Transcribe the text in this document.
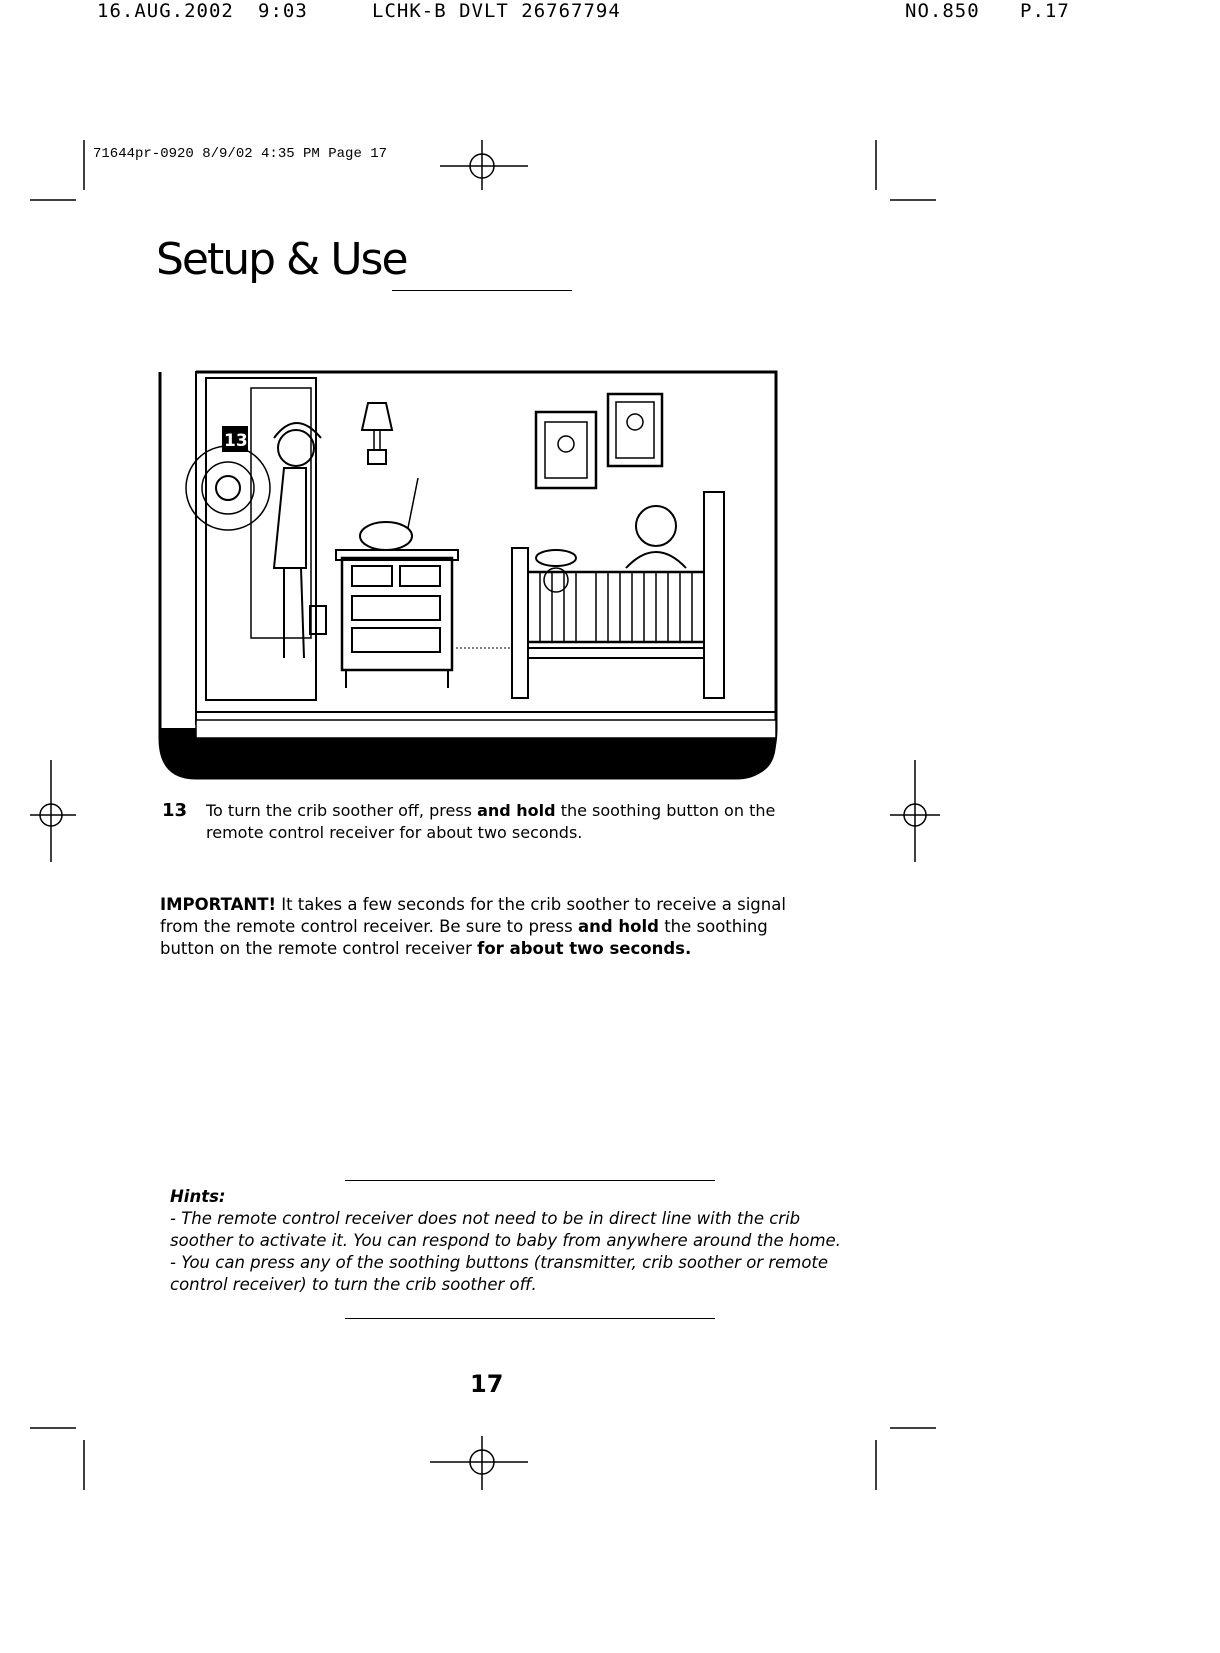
16.AUG.2002 9:03	LCHK-B DVLT 26767794	NO.850 P.17
71644pr-0920 8/9/02 4:35 PM Page 17
Setup & Use
13
13 To turn the crib soother off, press and hold the soothing button on the remote control receiver for about two seconds.
IMPORTANT! It takes a few seconds for the crib soother to receive a signal from the remote control receiver. Be sure to press and hold the soothing button on the remote control receiver for about two seconds.
Hints:
- The remote control receiver does not need to be in direct line with the crib soother to activate it. You can respond to baby from anywhere around the home.
- You can press any of the soothing buttons (transmitter, crib soother or remote control receiver) to turn the crib soother off.
17
